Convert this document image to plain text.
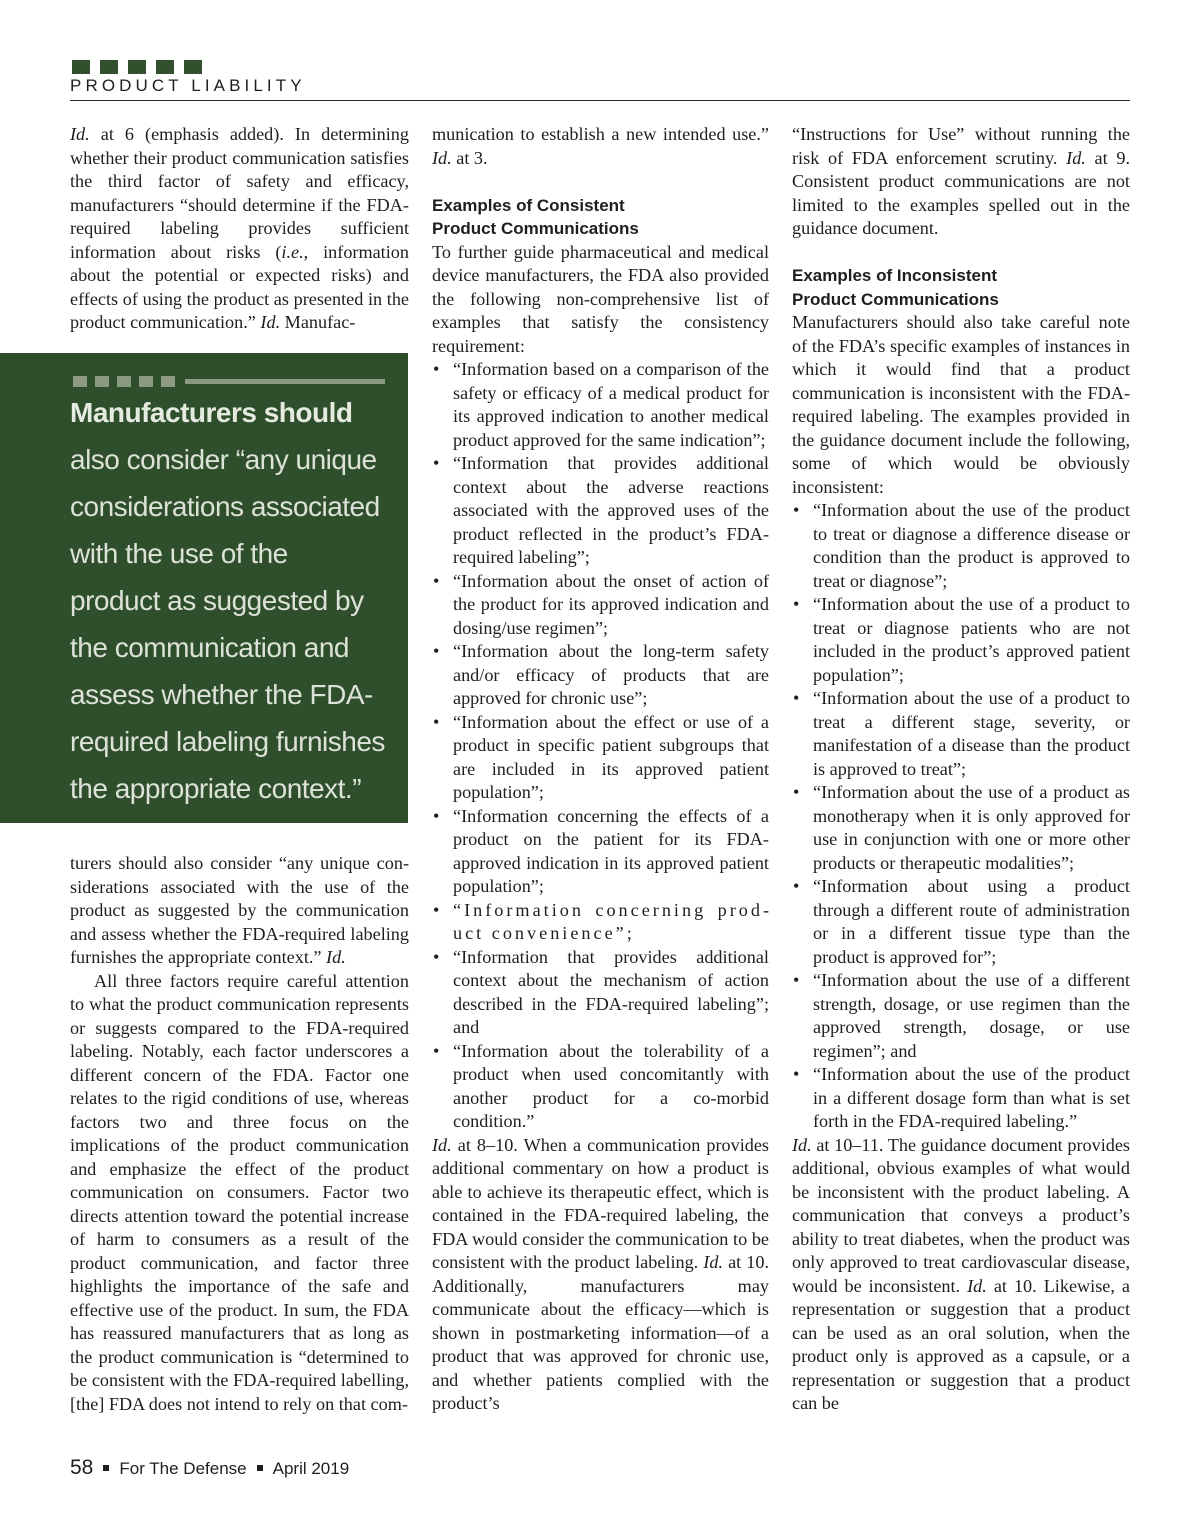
PRODUCT LIABILITY

Id. at 6 (emphasis added). In determining whether their product communication satisfies the third factor of safety and efficacy, manufacturers “should determine if the FDA-required labeling provides sufficient information about risks (i.e., information about the potential or expected risks) and effects of using the product as presented in the product communication.” Id. Manufac-

Manufacturers should
also consider “any unique
considerations associated
with the use of the
product as suggested by
the communication and
assess whether the FDA-
required labeling furnishes
the appropriate context.”

turers should also consider “any unique considerations associated with the use of the product as suggested by the communication and assess whether the FDA-required labeling furnishes the appropriate context.” Id.

All three factors require careful attention to what the product communication represents or suggests compared to the FDA-required labeling. Notably, each factor underscores a different concern of the FDA. Factor one relates to the rigid conditions of use, whereas factors two and three focus on the implications of the product communication and emphasize the effect of the product communication on consumers. Factor two directs attention toward the potential increase of harm to consumers as a result of the product communication, and factor three highlights the importance of the safe and effective use of the product. In sum, the FDA has reassured manufacturers that as long as the product communication is “determined to be consistent with the FDA-required labelling, [the] FDA does not intend to rely on that com-

munication to establish a new intended use.” Id. at 3.

Examples of Consistent
Product Communications

To further guide pharmaceutical and medical device manufacturers, the FDA also provided the following non-comprehensive list of examples that satisfy the consistency requirement:

• “Information based on a comparison of the safety or efficacy of a medical product for its approved indication to another medical product approved for the same indication”;
• “Information that provides additional context about the adverse reactions associated with the approved uses of the product reflected in the product’s FDA-required labeling”;
• “Information about the onset of action of the product for its approved indication and dosing/use regimen”;
• “Information about the long-term safety and/or efficacy of products that are approved for chronic use”;
• “Information about the effect or use of a product in specific patient subgroups that are included in its approved patient population”;
• “Information concerning the effects of a product on the patient for its FDA-approved indication in its approved patient population”;
• “Information concerning product convenience”;
• “Information that provides additional context about the mechanism of action described in the FDA-required labeling”; and
• “Information about the tolerability of a product when used concomitantly with another product for a co-morbid condition.”

Id. at 8–10. When a communication provides additional commentary on how a product is able to achieve its therapeutic effect, which is contained in the FDA-required labeling, the FDA would consider the communication to be consistent with the product labeling. Id. at 10. Additionally, manufacturers may communicate about the efficacy—which is shown in postmarketing information—of a product that was approved for chronic use, and whether patients complied with the product’s

“Instructions for Use” without running the risk of FDA enforcement scrutiny. Id. at 9. Consistent product communications are not limited to the examples spelled out in the guidance document.

Examples of Inconsistent
Product Communications

Manufacturers should also take careful note of the FDA’s specific examples of instances in which it would find that a product communication is inconsistent with the FDA-required labeling. The examples provided in the guidance document include the following, some of which would be obviously inconsistent:

• “Information about the use of the product to treat or diagnose a difference disease or condition than the product is approved to treat or diagnose”;
• “Information about the use of a product to treat or diagnose patients who are not included in the product’s approved patient population”;
• “Information about the use of a product to treat a different stage, severity, or manifestation of a disease than the product is approved to treat”;
• “Information about the use of a product as monotherapy when it is only approved for use in conjunction with one or more other products or therapeutic modalities”;
• “Information about using a product through a different route of administration or in a different tissue type than the product is approved for”;
• “Information about the use of a different strength, dosage, or use regimen than the approved strength, dosage, or use regimen”; and
• “Information about the use of the product in a different dosage form than what is set forth in the FDA-required labeling.”

Id. at 10–11. The guidance document provides additional, obvious examples of what would be inconsistent with the product labeling. A communication that conveys a product’s ability to treat diabetes, when the product was only approved to treat cardiovascular disease, would be inconsistent. Id. at 10. Likewise, a representation or suggestion that a product can be used as an oral solution, when the product only is approved as a capsule, or a representation or suggestion that a product can be

58 For The Defense April 2019
